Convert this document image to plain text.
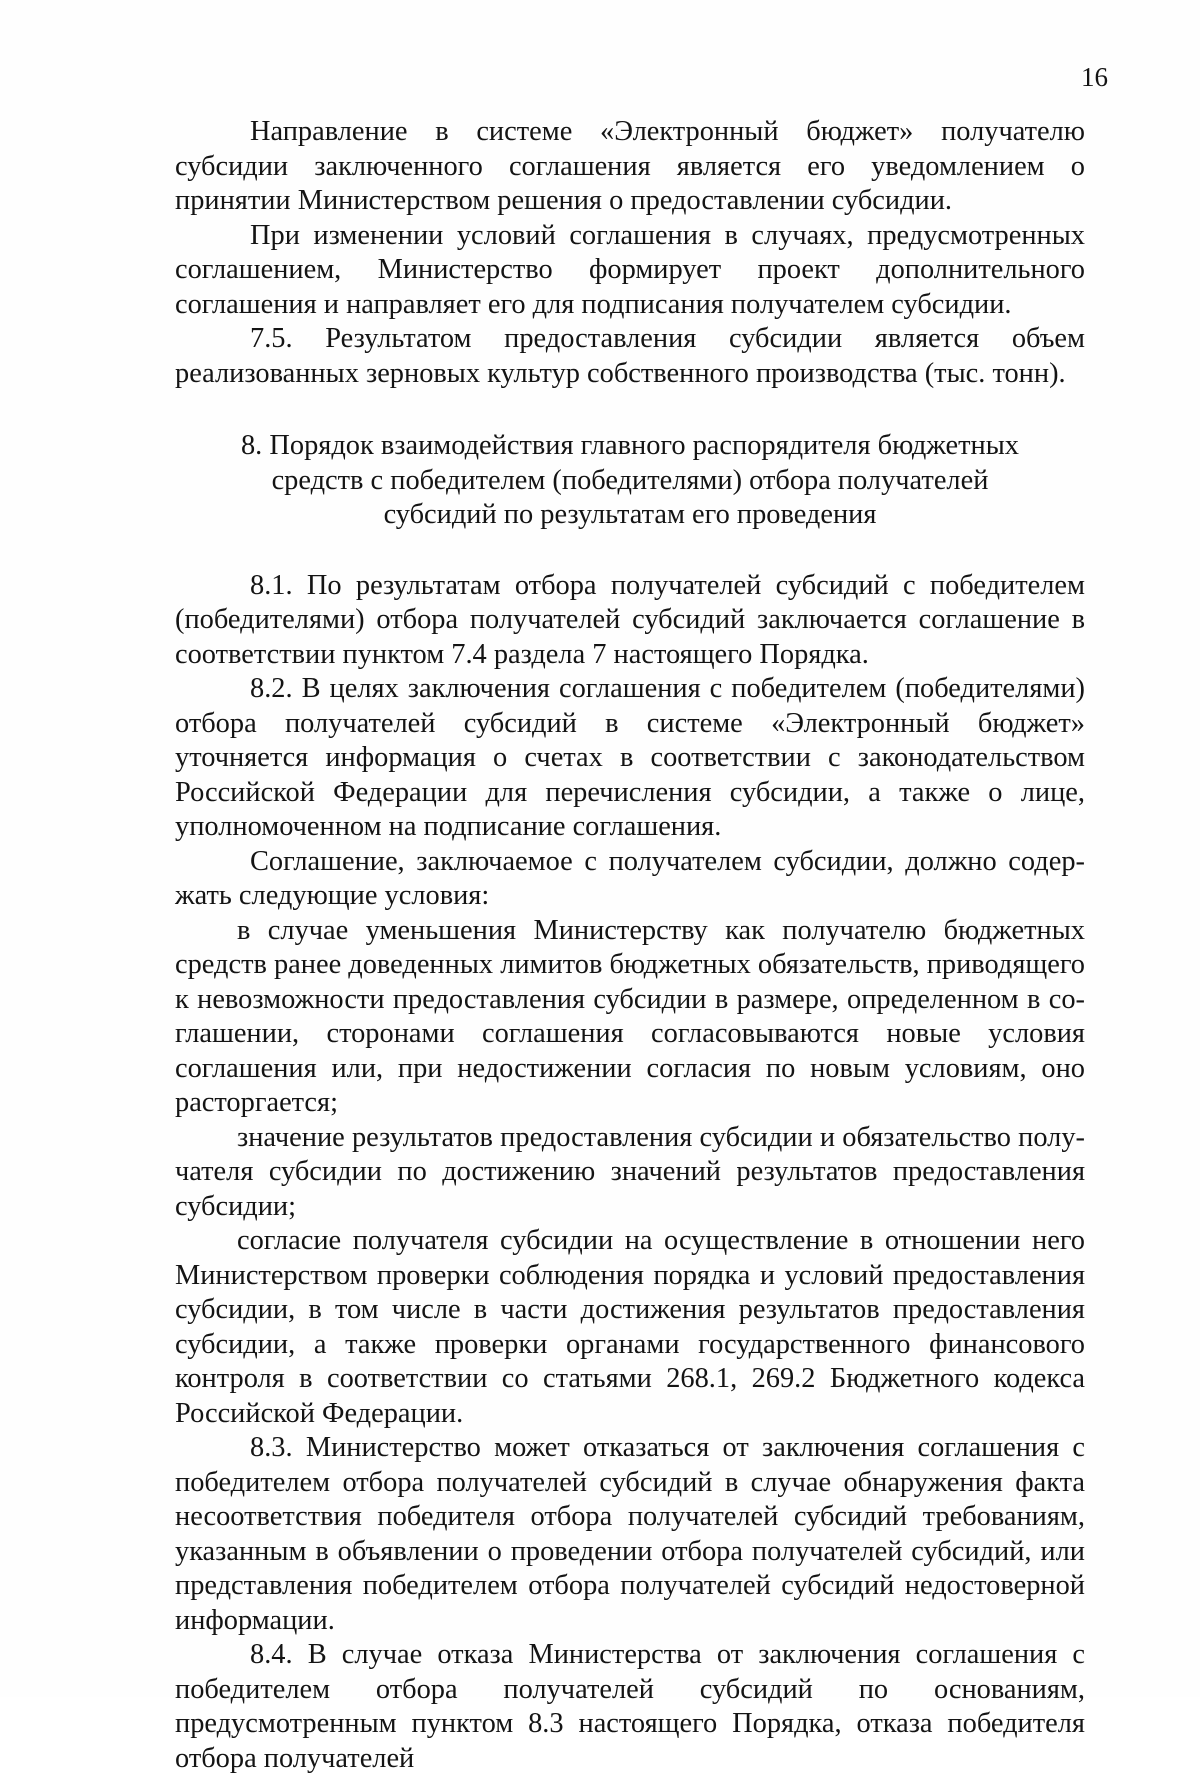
16

Направление в системе «Электронный бюджет» получателю субсидии заключенного соглашения является его уведомлением о принятии Министерством решения о предоставлении субсидии.

При изменении условий соглашения в случаях, предусмотренных соглашением, Министерство формирует проект дополнительного соглашения и направляет его для подписания получателем субсидии.

7.5. Результатом предоставления субсидии является объем реализованных зерновых культур собственного производства (тыс. тонн).

8. Порядок взаимодействия главного распорядителя бюджетных
средств с победителем (победителями) отбора получателей
субсидий по результатам его проведения

8.1. По результатам отбора получателей субсидий с победителем (победителями) отбора получателей субсидий заключается соглашение в соответствии пунктом 7.4 раздела 7 настоящего Порядка.

8.2. В целях заключения соглашения с победителем (победителями) отбора получателей субсидий в системе «Электронный бюджет» уточняется информация о счетах в соответствии с законодательством Российской Федерации для перечисления субсидии, а также о лице, уполномоченном на подписание соглашения.

Соглашение, заключаемое с получателем субсидии, должно содержать следующие условия:

в случае уменьшения Министерству как получателю бюджетных средств ранее доведенных лимитов бюджетных обязательств, приводящего к невозможности предоставления субсидии в размере, определенном в соглашении, сторонами соглашения согласовываются новые условия соглашения или, при недостижении согласия по новым условиям, оно расторгается;

значение результатов предоставления субсидии и обязательство получателя субсидии по достижению значений результатов предоставления субсидии;

согласие получателя субсидии на осуществление в отношении него Министерством проверки соблюдения порядка и условий предоставления субсидии, в том числе в части достижения результатов предоставления субсидии, а также проверки органами государственного финансового контроля в соответствии со статьями 268.1, 269.2 Бюджетного кодекса Российской Федерации.

8.3. Министерство может отказаться от заключения соглашения с победителем отбора получателей субсидий в случае обнаружения факта несоответствия победителя отбора получателей субсидий требованиям, указанным в объявлении о проведении отбора получателей субсидий, или представления победителем отбора получателей субсидий недостоверной информации.

8.4. В случае отказа Министерства от заключения соглашения с победителем отбора получателей субсидий по основаниям, предусмотренным пунктом 8.3 настоящего Порядка, отказа победителя отбора получателей
